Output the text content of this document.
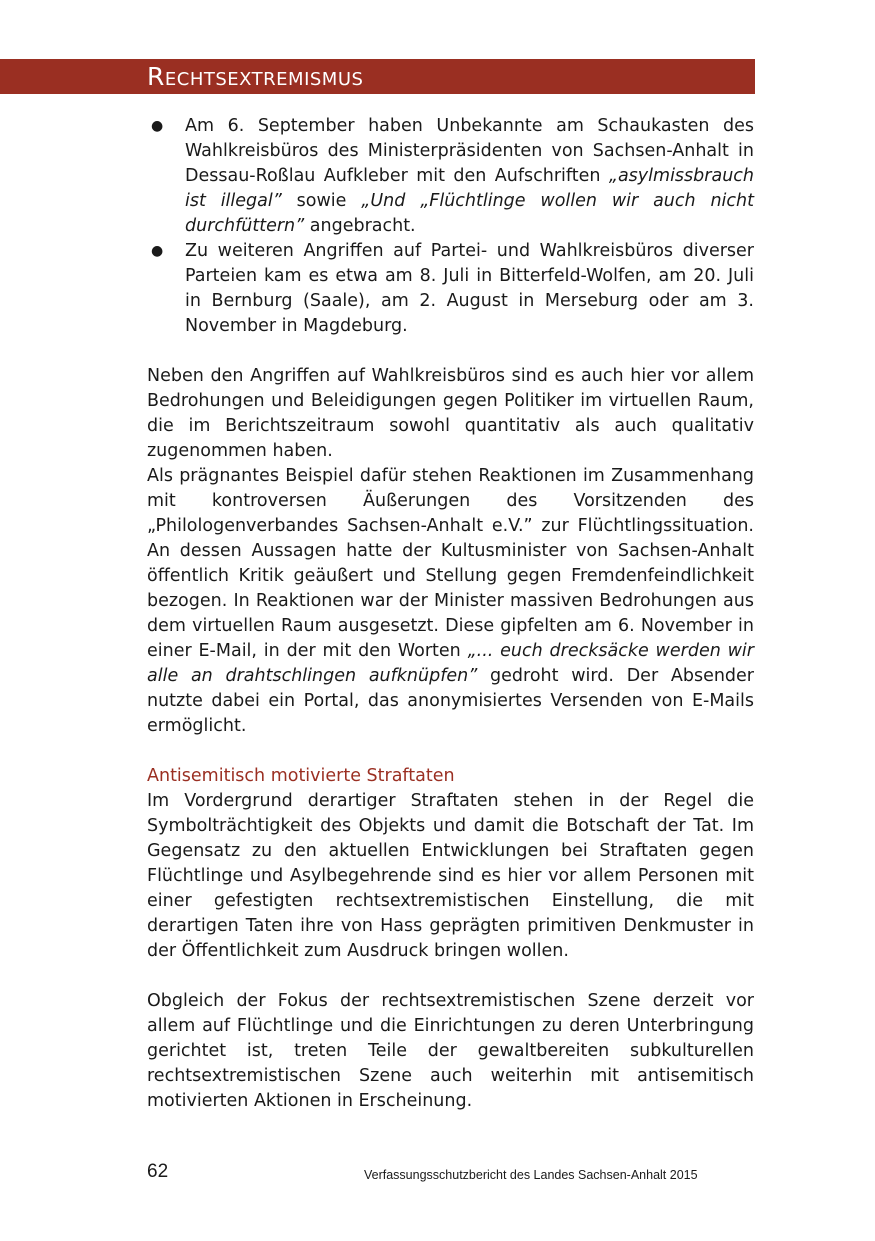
RECHTSEXTREMISMUS
● Am 6. September haben Unbekannte am Schaukasten des Wahlkreisbüros des Ministerpräsidenten von Sachsen-Anhalt in Dessau-Roßlau Aufkleber mit den Aufschriften „asylmissbrauch ist illegal” sowie „Und „Flüchtlinge wollen wir auch nicht durchfüttern” angebracht.
● Zu weiteren Angriffen auf Partei- und Wahlkreisbüros diverser Parteien kam es etwa am 8. Juli in Bitterfeld-Wolfen, am 20. Juli in Bernburg (Saale), am 2. August in Merseburg oder am 3. November in Magdeburg.

Neben den Angriffen auf Wahlkreisbüros sind es auch hier vor allem Bedrohungen und Beleidigungen gegen Politiker im virtuellen Raum, die im Berichtszeitraum sowohl quantitativ als auch qualitativ zugenommen haben.

Als prägnantes Beispiel dafür stehen Reaktionen im Zusammenhang mit kontroversen Äußerungen des Vorsitzenden des „Philologenverbandes Sachsen-Anhalt e.V.” zur Flüchtlingssituation. An dessen Aussagen hatte der Kultusminister von Sachsen-Anhalt öffentlich Kritik geäußert und Stellung gegen Fremdenfeindlichkeit bezogen. In Reaktionen war der Minister massiven Bedrohungen aus dem virtuellen Raum ausgesetzt. Diese gipfelten am 6. November in einer E-Mail, in der mit den Worten „... euch drecksäcke werden wir alle an drahtschlingen aufknüpfen” gedroht wird. Der Absender nutzte dabei ein Portal, das anonymisiertes Versenden von E-Mails ermöglicht.

Antisemitisch motivierte Straftaten

Im Vordergrund derartiger Straftaten stehen in der Regel die Symbolträchtigkeit des Objekts und damit die Botschaft der Tat. Im Gegensatz zu den aktuellen Entwicklungen bei Straftaten gegen Flüchtlinge und Asylbegehrende sind es hier vor allem Personen mit einer gefestigten rechtsextremistischen Einstellung, die mit derartigen Taten ihre von Hass geprägten primitiven Denkmuster in der Öffentlichkeit zum Ausdruck bringen wollen.

Obgleich der Fokus der rechtsextremistischen Szene derzeit vor allem auf Flüchtlinge und die Einrichtungen zu deren Unterbringung gerichtet ist, treten Teile der gewaltbereiten subkulturellen rechtsextremistischen Szene auch weiterhin mit antisemitisch motivierten Aktionen in Erscheinung.

62	Verfassungsschutzbericht des Landes Sachsen-Anhalt 2015
